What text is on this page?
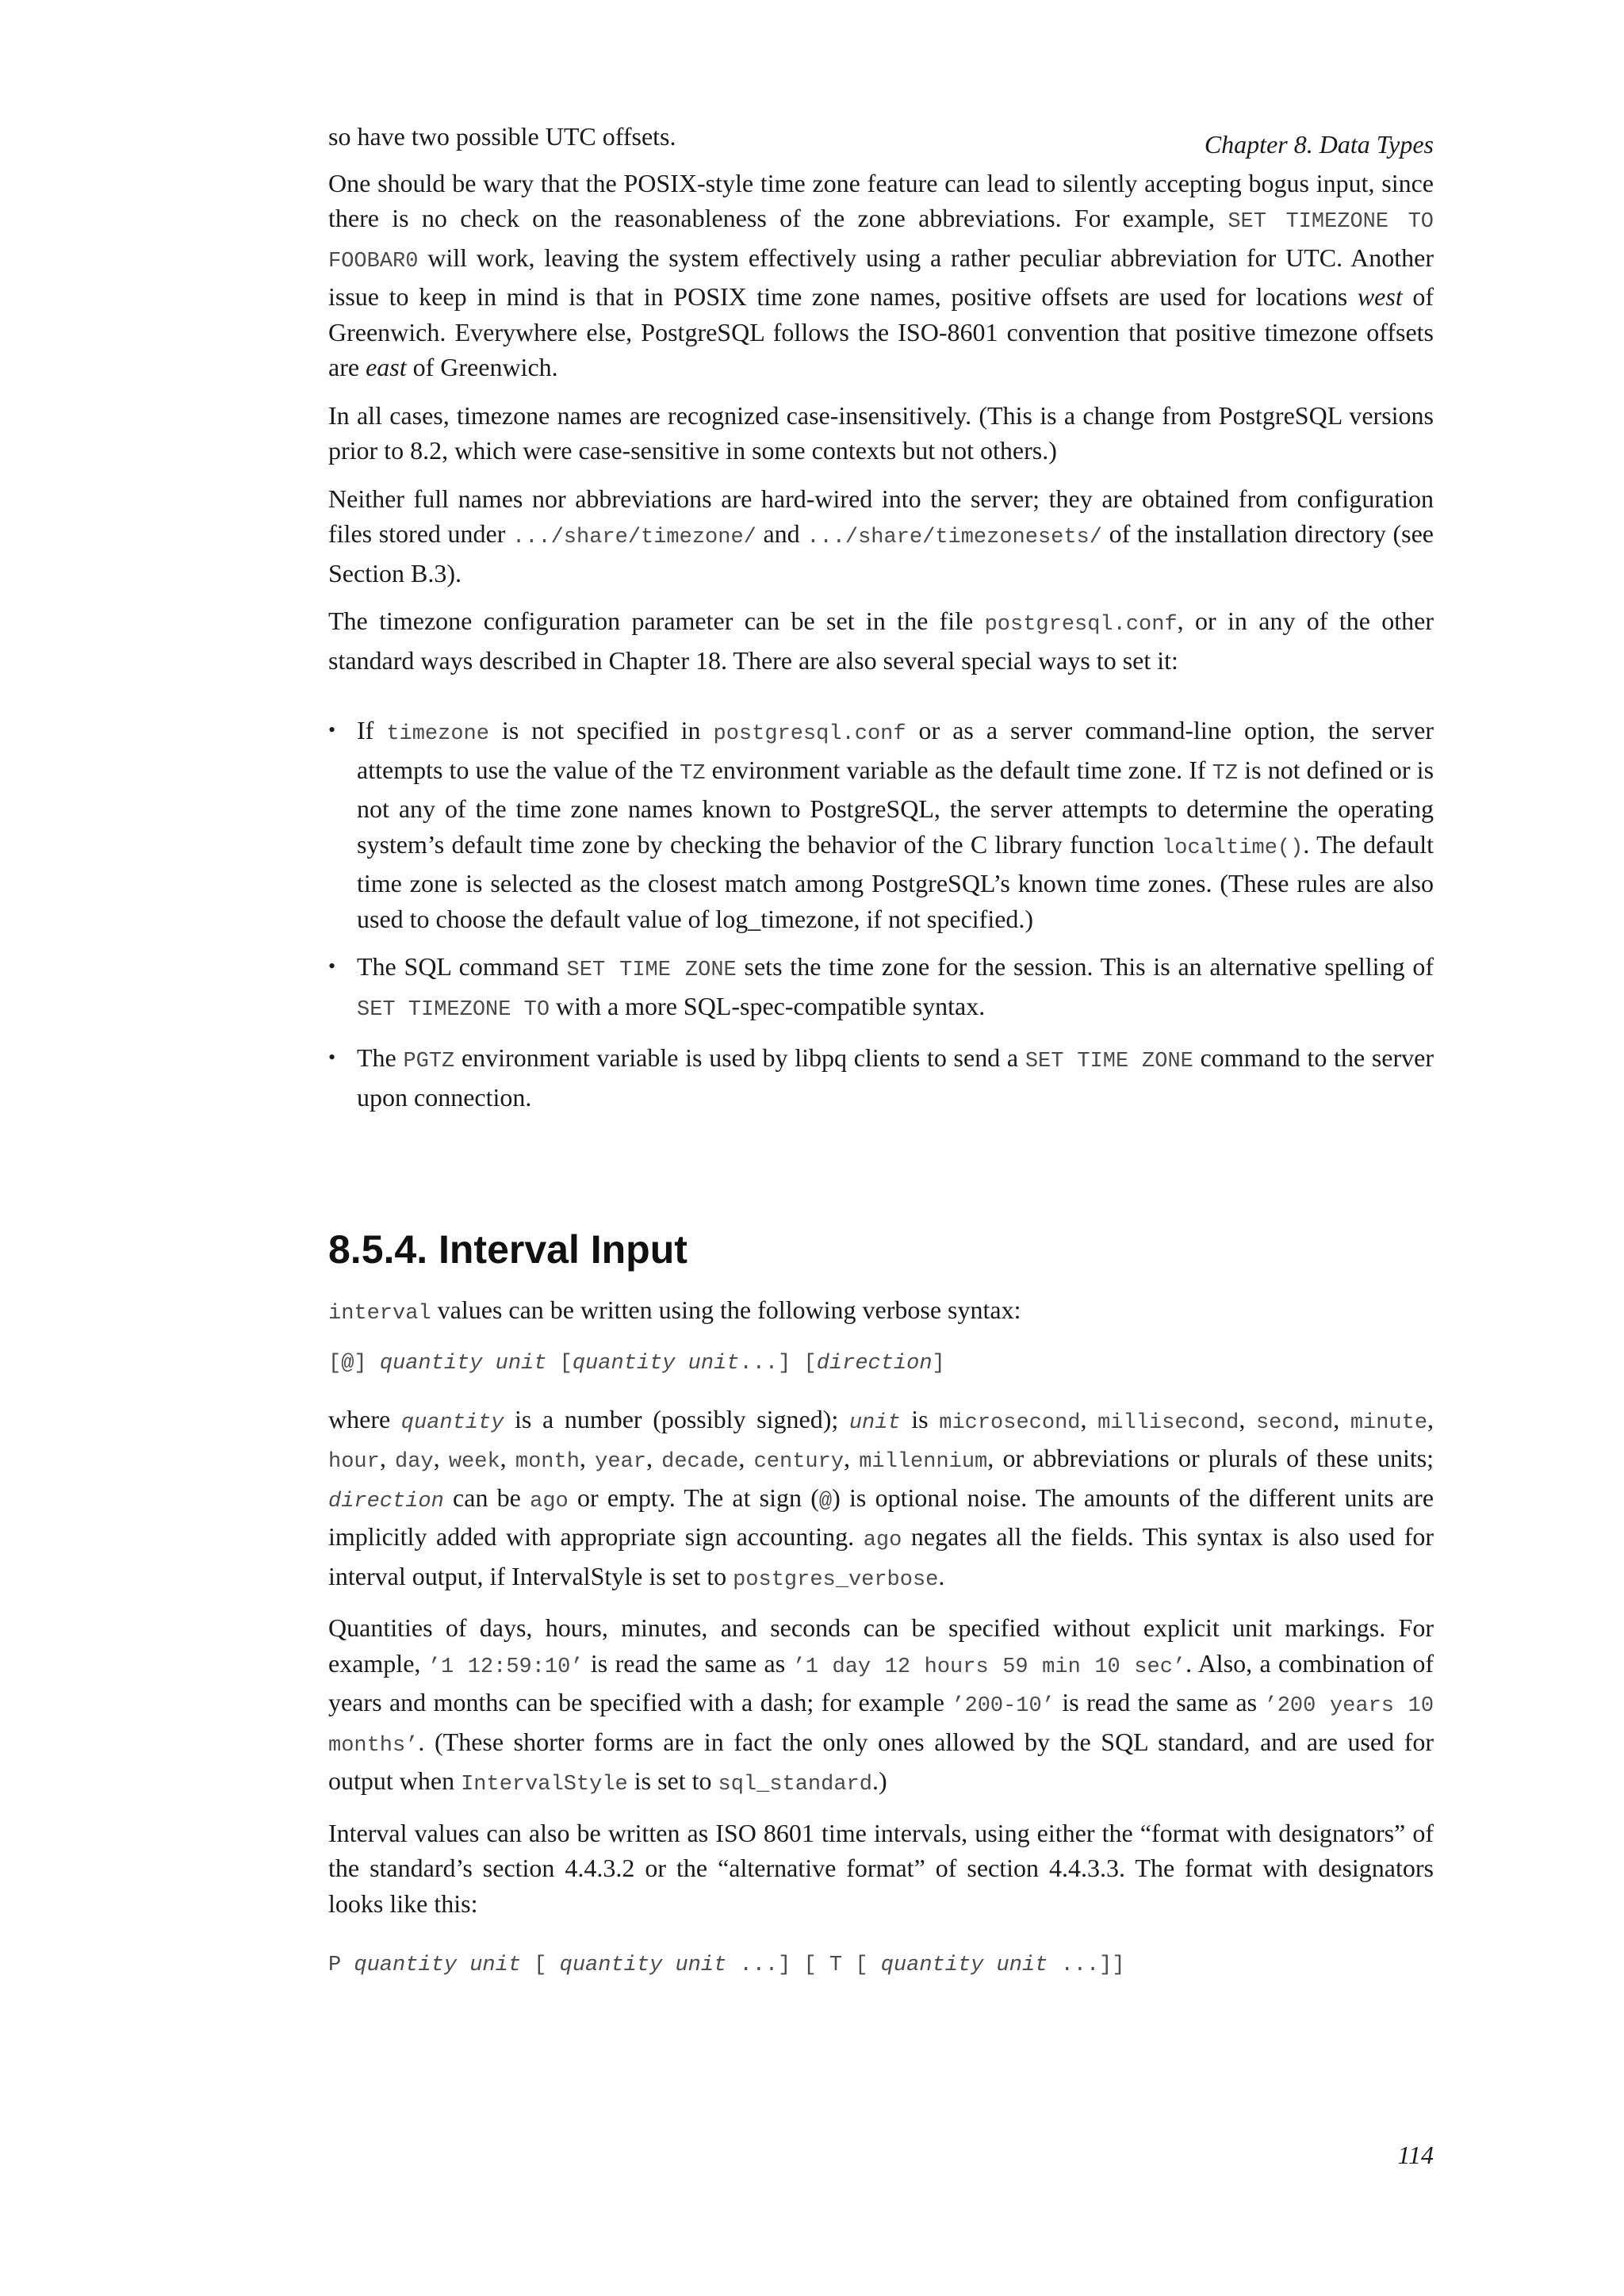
Chapter 8. Data Types

so have two possible UTC offsets.

One should be wary that the POSIX-style time zone feature can lead to silently accepting bogus input, since there is no check on the reasonableness of the zone abbreviations. For example, SET TIMEZONE TO FOOBAR0 will work, leaving the system effectively using a rather peculiar abbreviation for UTC. Another issue to keep in mind is that in POSIX time zone names, positive offsets are used for locations west of Greenwich. Everywhere else, PostgreSQL follows the ISO-8601 convention that positive timezone offsets are east of Greenwich.

In all cases, timezone names are recognized case-insensitively. (This is a change from PostgreSQL versions prior to 8.2, which were case-sensitive in some contexts but not others.)

Neither full names nor abbreviations are hard-wired into the server; they are obtained from configuration files stored under .../share/timezone/ and .../share/timezonesets/ of the installation directory (see Section B.3).

The timezone configuration parameter can be set in the file postgresql.conf, or in any of the other standard ways described in Chapter 18. There are also several special ways to set it:

• If timezone is not specified in postgresql.conf or as a server command-line option, the server attempts to use the value of the TZ environment variable as the default time zone. If TZ is not defined or is not any of the time zone names known to PostgreSQL, the server attempts to determine the operating system’s default time zone by checking the behavior of the C library function localtime(). The default time zone is selected as the closest match among PostgreSQL’s known time zones. (These rules are also used to choose the default value of log_timezone, if not specified.)
• The SQL command SET TIME ZONE sets the time zone for the session. This is an alternative spelling of SET TIMEZONE TO with a more SQL-spec-compatible syntax.
• The PGTZ environment variable is used by libpq clients to send a SET TIME ZONE command to the server upon connection.
8.5.4. Interval Input

interval values can be written using the following verbose syntax:

[@] quantity unit [quantity unit...] [direction]

where quantity is a number (possibly signed); unit is microsecond, millisecond, second, minute, hour, day, week, month, year, decade, century, millennium, or abbreviations or plurals of these units; direction can be ago or empty. The at sign (@) is optional noise. The amounts of the different units are implicitly added with appropriate sign accounting. ago negates all the fields. This syntax is also used for interval output, if IntervalStyle is set to postgres_verbose.

Quantities of days, hours, minutes, and seconds can be specified without explicit unit markings. For example, ’1 12:59:10’ is read the same as ’1 day 12 hours 59 min 10 sec’. Also, a combination of years and months can be specified with a dash; for example ’200-10’ is read the same as ’200 years 10 months’. (These shorter forms are in fact the only ones allowed by the SQL standard, and are used for output when IntervalStyle is set to sql_standard.)

Interval values can also be written as ISO 8601 time intervals, using either the “format with designators” of the standard’s section 4.4.3.2 or the “alternative format” of section 4.4.3.3. The format with designators looks like this:

P quantity unit [ quantity unit ...] [ T [ quantity unit ...]]
114
